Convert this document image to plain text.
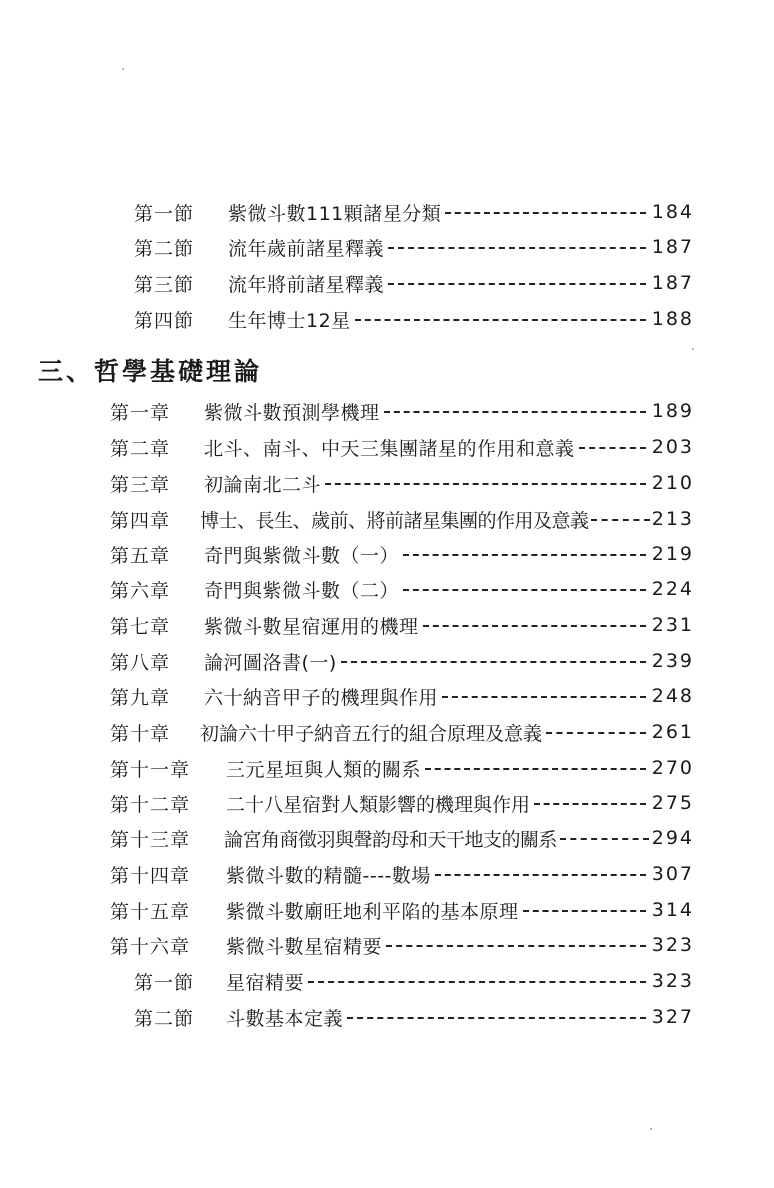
第一節	紫微斗數111顆諸星分類	184
第二節	流年歲前諸星釋義	187
第三節	流年將前諸星釋義	187
第四節	生年博士12星	188
三、哲學基礎理論
第一章	紫微斗數預測學機理	189
第二章	北斗、南斗、中天三集團諸星的作用和意義	203
第三章	初論南北二斗	210
第四章	博士、長生、歲前、將前諸星集團的作用及意義	213
第五章	奇門與紫微斗數（一）	219
第六章	奇門與紫微斗數（二）	224
第七章	紫微斗數星宿運用的機理	231
第八章	論河圖洛書(一)	239
第九章	六十納音甲子的機理與作用	248
第十章	初論六十甲子納音五行的組合原理及意義	261
第十一章	三元星垣與人類的關系	270
第十二章	二十八星宿對人類影響的機理與作用	275
第十三章	論宮角商徵羽與聲韵母和天干地支的關系	294
第十四章	紫微斗數的精髓----數場	307
第十五章	紫微斗數廟旺地利平陷的基本原理	314
第十六章	紫微斗數星宿精要	323
第一節	星宿精要	323
第二節	斗數基本定義	327
